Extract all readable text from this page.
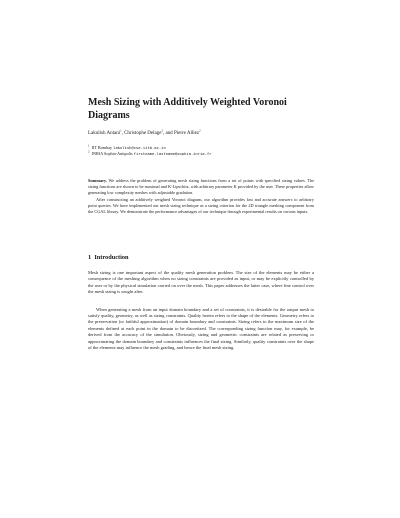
Mesh Sizing with Additively Weighted Voronoi Diagrams

Lakulish Antani$^1$, Christophe Delage$^2$, and Pierre Alliez$^2$

$^1$ IIT Bombay lakulish@cse.iitb.ac.in
$^2$ INRIA Sophia-Antipolis firstname.lastname@sophia.inria.fr

Summary. We address the problem of generating mesh sizing functions from a set of points with specified sizing values. The sizing functions are shown to be maximal and K-Lipschitz, with arbitrary parameter K provided by the user. These properties allow generating low complexity meshes with adjustable gradation.

After constructing an additively weighted Voronoi diagram, our algorithm provides fast and accurate answers to arbitrary point queries. We have implemented our mesh sizing technique as a sizing criterion for the 2D triangle meshing component from the CGAL library. We demonstrate the performance advantages of our technique through experimental results on various inputs.

1 Introduction

Mesh sizing is one important aspect of the quality mesh generation problem. The size of the elements may be either a consequence of the meshing algorithm when no sizing constraints are provided as input, or may be explicitly controlled by the user or by the physical simulation carried on over the mesh. This paper addresses the latter case, where fine control over the mesh sizing is sought after.

When generating a mesh from an input domain boundary and a set of constraints, it is desirable for the output mesh to satisfy quality, geometry, as well as sizing constraints. Quality herein refers to the shape of the elements. Geometry refers to the preservation (or faithful approximation) of domain boundary and constraints. Sizing refers to the maximum size of the elements defined at each point in the domain to be discretized. The corresponding sizing function may, for example, be derived from the accuracy of the simulation. Obviously, sizing and geometric constraints are related as preserving or approximating the domain boundary and constraints influences the final sizing. Similarly, quality constraints over the shape of the elements may influence the mesh grading, and hence the final mesh sizing.
